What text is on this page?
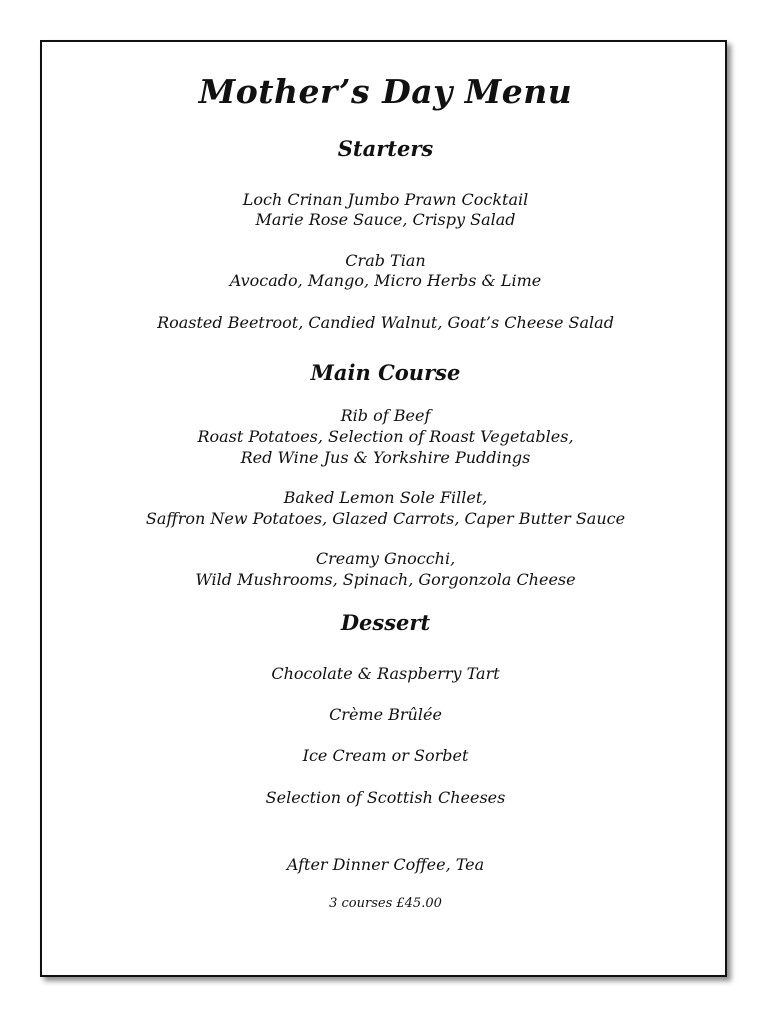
Mother’s Day Menu
Starters
Loch Crinan Jumbo Prawn Cocktail
Marie Rose Sauce, Crispy Salad
Crab Tian
Avocado, Mango, Micro Herbs & Lime
Roasted Beetroot, Candied Walnut, Goat’s Cheese Salad
Main Course
Rib of Beef
Roast Potatoes, Selection of Roast Vegetables,
Red Wine Jus & Yorkshire Puddings
Baked Lemon Sole Fillet,
Saffron New Potatoes, Glazed Carrots, Caper Butter Sauce
Creamy Gnocchi,
Wild Mushrooms, Spinach, Gorgonzola Cheese
Dessert
Chocolate & Raspberry Tart
Crème Brûlée
Ice Cream or Sorbet
Selection of Scottish Cheeses
After Dinner Coffee, Tea
3 courses £45.00
